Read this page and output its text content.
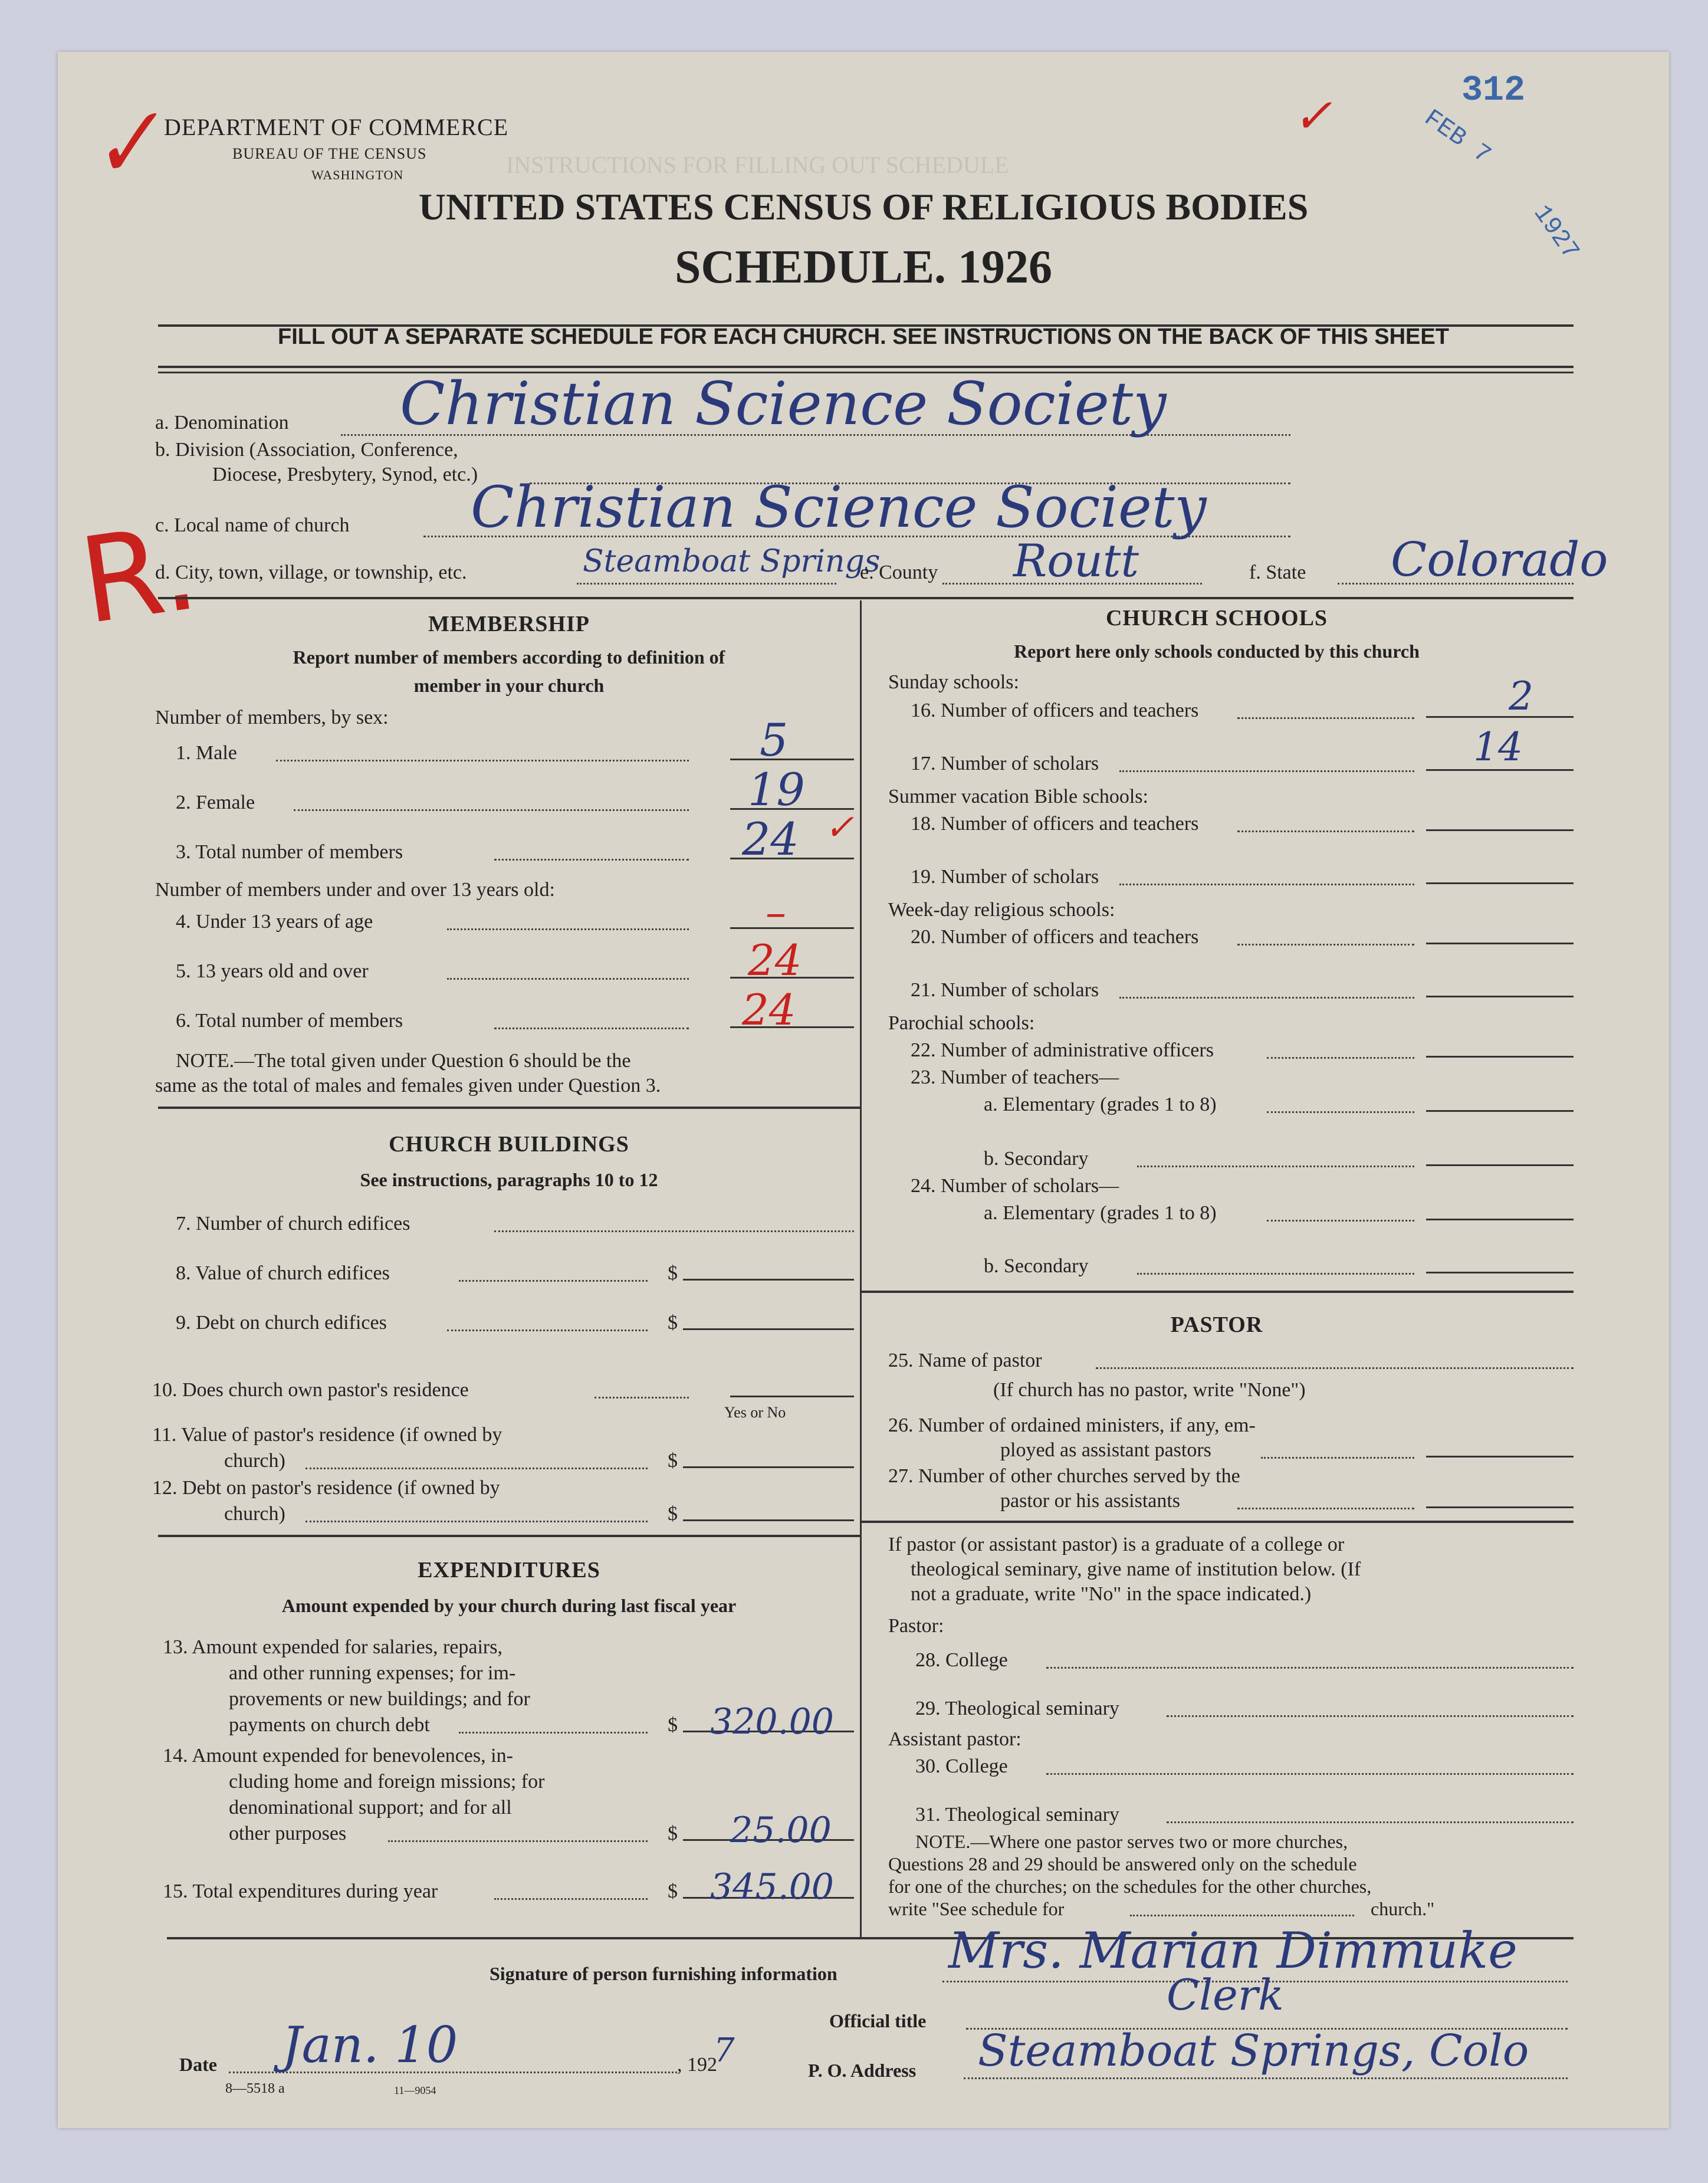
INSTRUCTIONS FOR FILLING OUT SCHEDULE
DEPARTMENT OF COMMERCE
BUREAU OF THE CENSUS
WASHINGTON
UNITED STATES CENSUS OF RELIGIOUS BODIES
SCHEDULE. 1926
FILL OUT A SEPARATE SCHEDULE FOR EACH CHURCH. SEE INSTRUCTIONS ON THE BACK OF THIS SHEET
312
FEB 7
1927
✓	✓
R.
a. Denomination Christian Science Society
b. Division (Association, Conference,
Diocese, Presbytery, Synod, etc.)
c. Local name of church Christian Science Society
d. City, town, village, or township, etc.	Steamboat Springs
e. County Routt	f. State Colorado
MEMBERSHIP
Report number of members according to definition of
member in your church
Number of members, by sex:
1. Male	5
2. Female	19
3. Total number of members	24 ✓
Number of members under and over 13 years old:
4. Under 13 years of age	–
5. 13 years old and over	24
6. Total number of members	24
NOTE.—The total given under Question 6 should be the
same as the total of males and females given under Question 3.
CHURCH BUILDINGS
See instructions, paragraphs 10 to 12
7. Number of church edifices
8. Value of church edifices	$
9. Debt on church edifices	$
10. Does church own pastor's residence
Yes or No
11. Value of pastor's residence (if owned by
church)	$
12. Debt on pastor's residence (if owned by
church)	$
EXPENDITURES
Amount expended by your church during last fiscal year
13. Amount expended for salaries, repairs,
and other running expenses; for im-
provements or new buildings; and for
payments on church debt	$ 320.00
14. Amount expended for benevolences, in-
cluding home and foreign missions; for
denominational support; and for all
other purposes	$ 25.00
15. Total expenditures during year	$ 345.00
CHURCH SCHOOLS
Report here only schools conducted by this church
Sunday schools:
16. Number of officers and teachers	2
17. Number of scholars	14
Summer vacation Bible schools:
18. Number of officers and teachers
19. Number of scholars
Week-day religious schools:
20. Number of officers and teachers
21. Number of scholars
Parochial schools:
22. Number of administrative officers
23. Number of teachers—
a. Elementary (grades 1 to 8)
b. Secondary
24. Number of scholars—
a. Elementary (grades 1 to 8)
b. Secondary
PASTOR
25. Name of pastor
(If church has no pastor, write "None")
26. Number of ordained ministers, if any, em-
ployed as assistant pastors
27. Number of other churches served by the
pastor or his assistants
If pastor (or assistant pastor) is a graduate of a college or
theological seminary, give name of institution below. (If
not a graduate, write "No" in the space indicated.)
Pastor:
28. College
29. Theological seminary
Assistant pastor:
30. College
31. Theological seminary
NOTE.—Where one pastor serves two or more churches,
Questions 28 and 29 should be answered only on the schedule
for one of the churches; on the schedules for the other churches,
write "See schedule for	church."
Signature of person furnishing information Mrs. Marian Dimmuke
Official title
Clerk
Date Jan. 10	, 192
7
P. O. Address Steamboat Springs, Colo
8—5518 a	11—9054
